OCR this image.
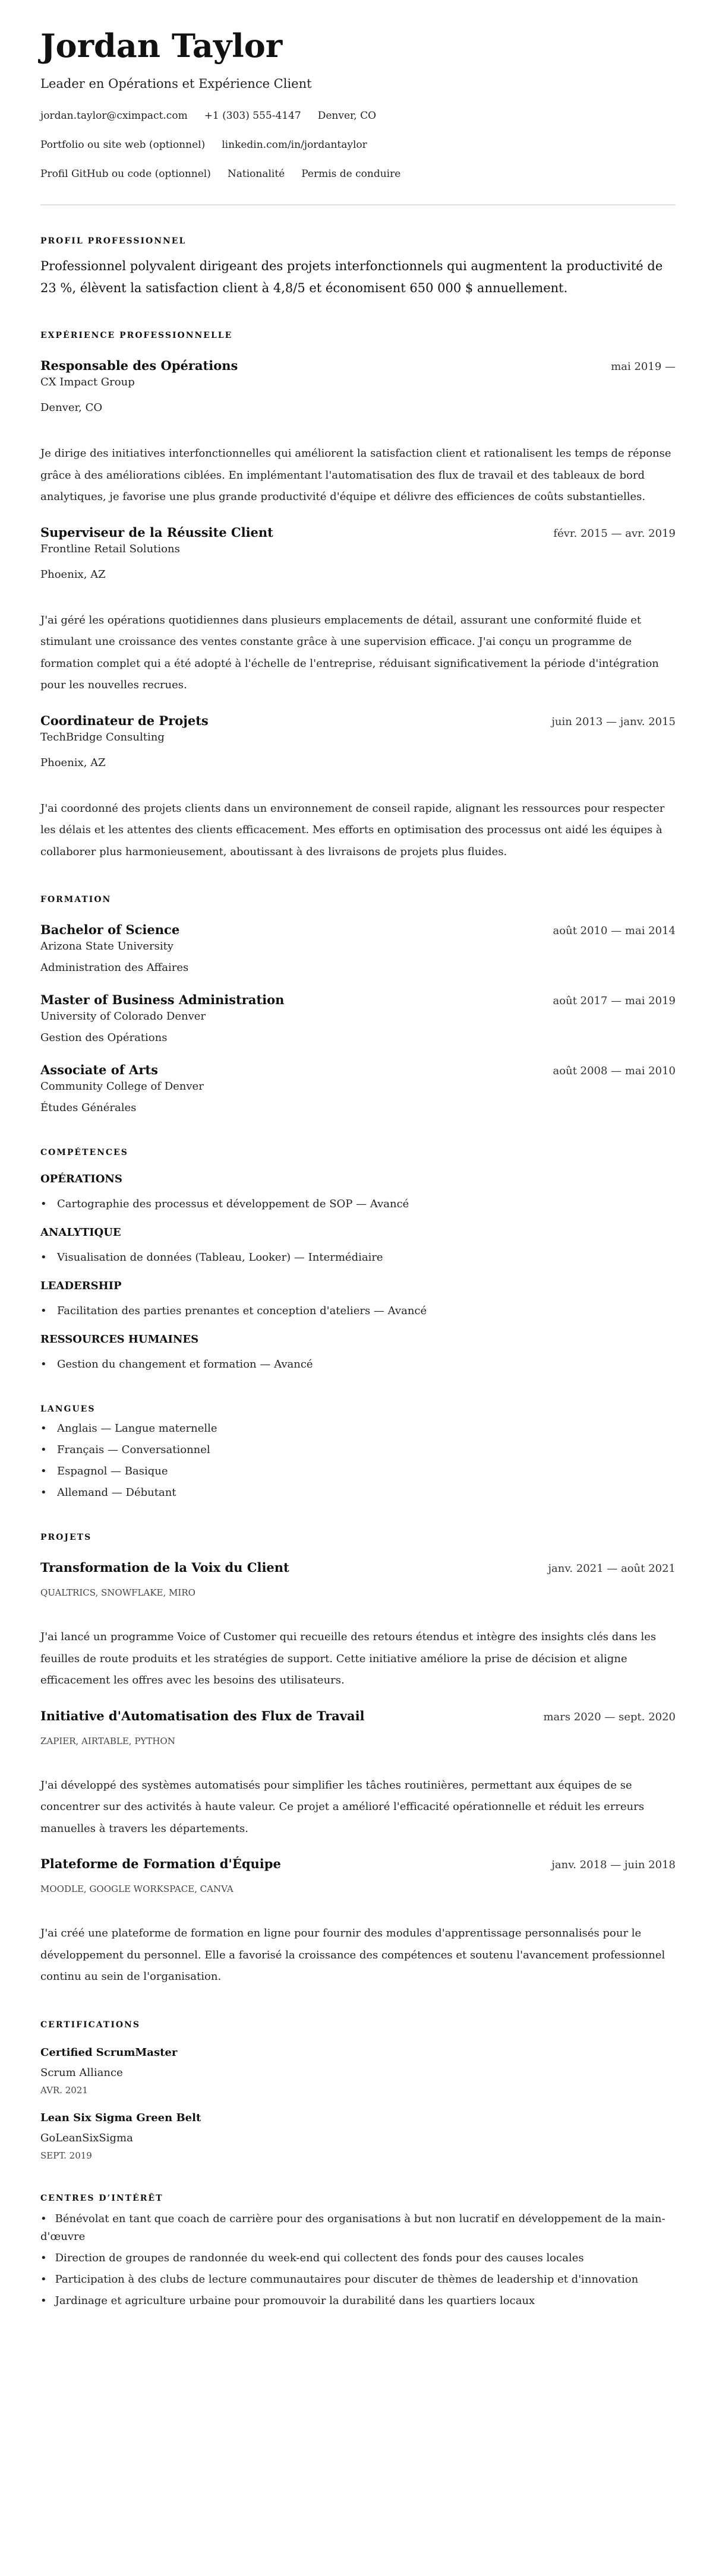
Jordan Taylor
Leader en Opérations et Expérience Client
jordan.taylor@cximpact.com +1 (303) 555-4147 Denver, CO
Portfolio ou site web (optionnel) linkedin.com/in/jordantaylor
Profil GitHub ou code (optionnel) Nationalité Permis de conduire
PROFIL PROFESSIONNEL
Professionnel polyvalent dirigeant des projets interfonctionnels qui augmentent la productivité de 23 %, élèvent la satisfaction client à 4,8/5 et économisent 650 000 $ annuellement.
EXPÉRIENCE PROFESSIONNELLE
Responsable des Opérations	mai 2019 —
CX Impact Group
Denver, CO
Je dirige des initiatives interfonctionnelles qui améliorent la satisfaction client et rationalisent les temps de réponse grâce à des améliorations ciblées. En implémentant l'automatisation des flux de travail et des tableaux de bord analytiques, je favorise une plus grande productivité d'équipe et délivre des efficiences de coûts substantielles.
Superviseur de la Réussite Client	févr. 2015 — avr. 2019
Frontline Retail Solutions
Phoenix, AZ
J'ai géré les opérations quotidiennes dans plusieurs emplacements de détail, assurant une conformité fluide et stimulant une croissance des ventes constante grâce à une supervision efficace. J'ai conçu un programme de formation complet qui a été adopté à l'échelle de l'entreprise, réduisant significativement la période d'intégration pour les nouvelles recrues.
Coordinateur de Projets	juin 2013 — janv. 2015
TechBridge Consulting
Phoenix, AZ
J'ai coordonné des projets clients dans un environnement de conseil rapide, alignant les ressources pour respecter les délais et les attentes des clients efficacement. Mes efforts en optimisation des processus ont aidé les équipes à collaborer plus harmonieusement, aboutissant à des livraisons de projets plus fluides.
FORMATION
Bachelor of Science	août 2010 — mai 2014
Arizona State University
Administration des Affaires
Master of Business Administration	août 2017 — mai 2019
University of Colorado Denver
Gestion des Opérations
Associate of Arts	août 2008 — mai 2010
Community College of Denver
Études Générales
COMPÉTENCES
OPÉRATIONS
• Cartographie des processus et développement de SOP — Avancé
ANALYTIQUE
• Visualisation de données (Tableau, Looker) — Intermédiaire
LEADERSHIP
• Facilitation des parties prenantes et conception d'ateliers — Avancé
RESSOURCES HUMAINES
• Gestion du changement et formation — Avancé
LANGUES
• Anglais — Langue maternelle
• Français — Conversationnel
• Espagnol — Basique
• Allemand — Débutant
PROJETS
Transformation de la Voix du Client	janv. 2021 — août 2021
QUALTRICS, SNOWFLAKE, MIRO
J'ai lancé un programme Voice of Customer qui recueille des retours étendus et intègre des insights clés dans les feuilles de route produits et les stratégies de support. Cette initiative améliore la prise de décision et aligne efficacement les offres avec les besoins des utilisateurs.
Initiative d'Automatisation des Flux de Travail	mars 2020 — sept. 2020
ZAPIER, AIRTABLE, PYTHON
J'ai développé des systèmes automatisés pour simplifier les tâches routinières, permettant aux équipes de se concentrer sur des activités à haute valeur. Ce projet a amélioré l'efficacité opérationnelle et réduit les erreurs manuelles à travers les départements.
Plateforme de Formation d'Équipe	janv. 2018 — juin 2018
MOODLE, GOOGLE WORKSPACE, CANVA
J'ai créé une plateforme de formation en ligne pour fournir des modules d'apprentissage personnalisés pour le développement du personnel. Elle a favorisé la croissance des compétences et soutenu l'avancement professionnel continu au sein de l'organisation.
CERTIFICATIONS
Certified ScrumMaster
Scrum Alliance
AVR. 2021
Lean Six Sigma Green Belt
GoLeanSixSigma
SEPT. 2019
CENTRES D’INTÉRÊT
• Bénévolat en tant que coach de carrière pour des organisations à but non lucratif en développement de la main-d'œuvre
• Direction de groupes de randonnée du week-end qui collectent des fonds pour des causes locales
• Participation à des clubs de lecture communautaires pour discuter de thèmes de leadership et d'innovation
• Jardinage et agriculture urbaine pour promouvoir la durabilité dans les quartiers locaux
